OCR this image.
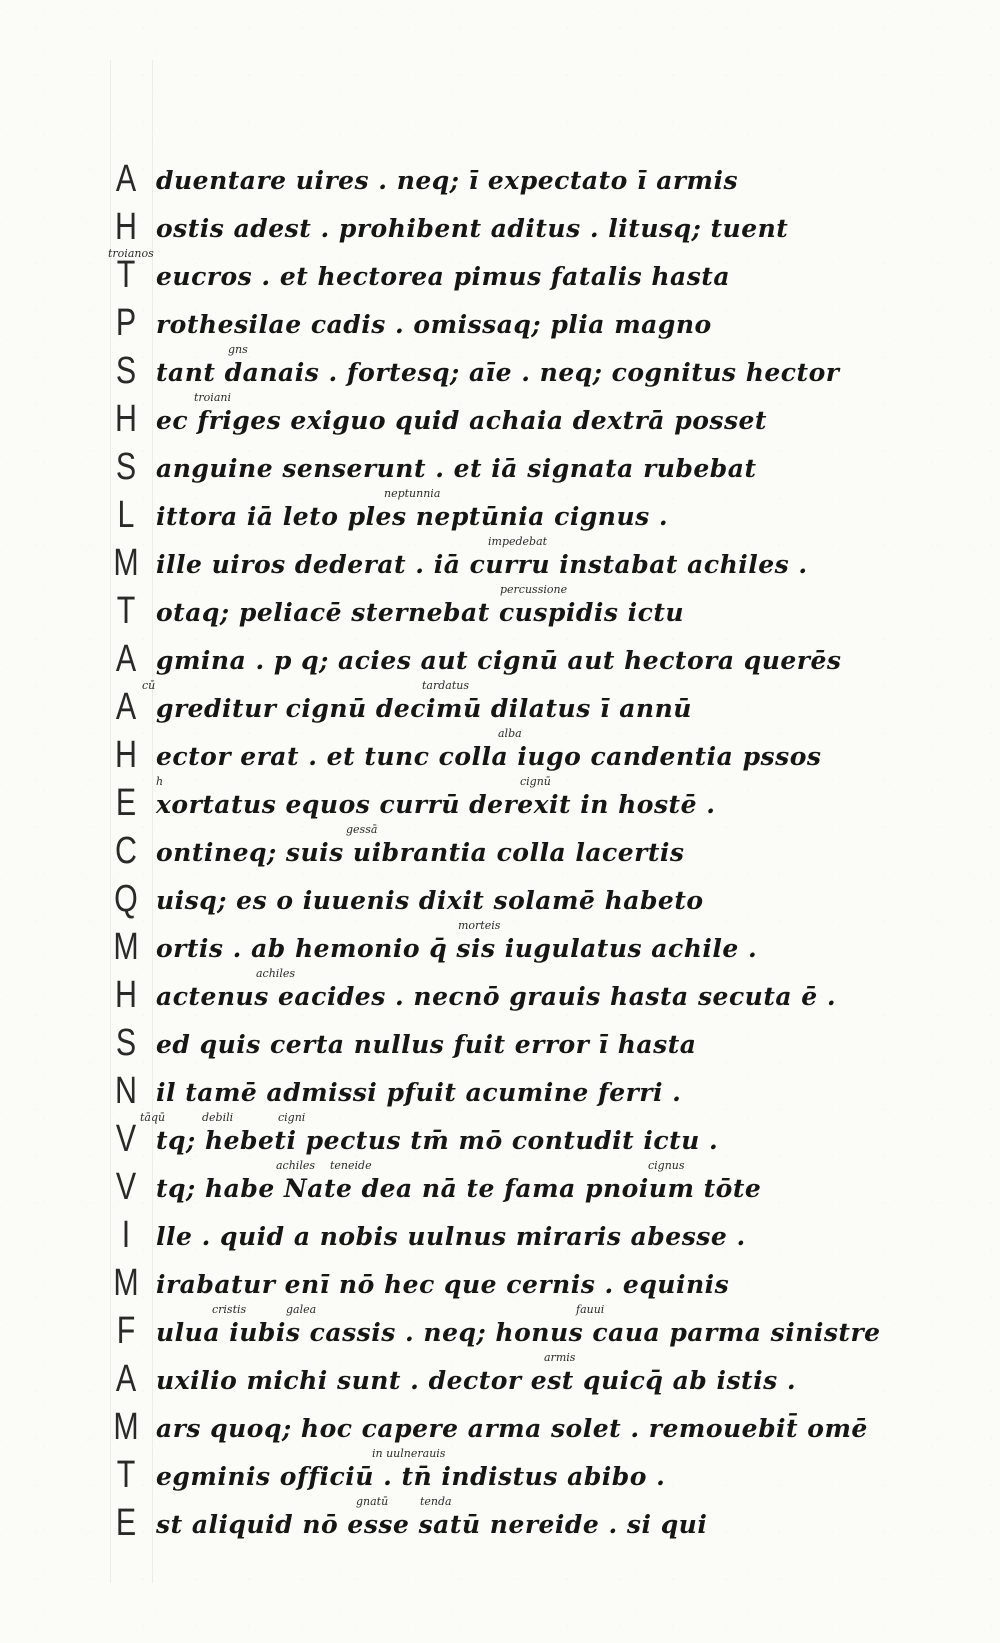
A duentare uires . neq; ī expectato ī armis
H ostis adest . prohibent aditus . litusq; tuent
troianos
T eucros . et hectorea pimus fatalis hasta
P rothesilae cadis . omissaq; plia magno
gns
S tant danais . fortesq; aīe . neq; cognitus hector
troiani
H ec friges exiguo quid achaia dextrā posset
S anguine senserunt . et iā signata rubebat
neptunnia
L ittora iā leto ples neptūnia cignus .
impedebat
M ille uiros dederat . iā curru instabat achiles .
percussione
T otaq; peliacē sternebat cuspidis ictu
A gmina . p q; acies aut cignū aut hectora querēs
cū	tardatus
A greditur cignū decimū dilatus ī annū
alba
H ector erat . et tunc colla iugo candentia pssos
h	cignū
E xortatus equos currū derexit in hostē .
gessā
C ontineq; suis uibrantia colla lacertis
Q uisq; es o iuuenis dixit solamē habeto
morteis
M ortis . ab hemonio q̄ sis iugulatus achile .
achiles
H actenus eacides . necnō grauis hasta secuta ē .
S ed quis certa nullus fuit error ī hasta
N il tamē admissi pfuit acumine ferri .
tāqū	debili	cigni
V tq; hebeti pectus tm̄ mō contudit ictu .
achiles teneide	cignus
V tq; habe Nate dea nā te fama pnoium tōte
I	lle . quid a nobis uulnus miraris abesse .
M irabatur enī nō hec que cernis . equinis
cristis	galea	fauui
F ulua iubis cassis . neq; honus caua parma sinistre
armis
A uxilio michi sunt . dector est quicq̄ ab istis .
M ars quoq; hoc capere arma solet . remouebit̄ omē
in uulnerauis
T egminis officiū . tn̄ indistus abibo .
gnatū	tenda
E st aliquid nō esse satū nereide . si qui
